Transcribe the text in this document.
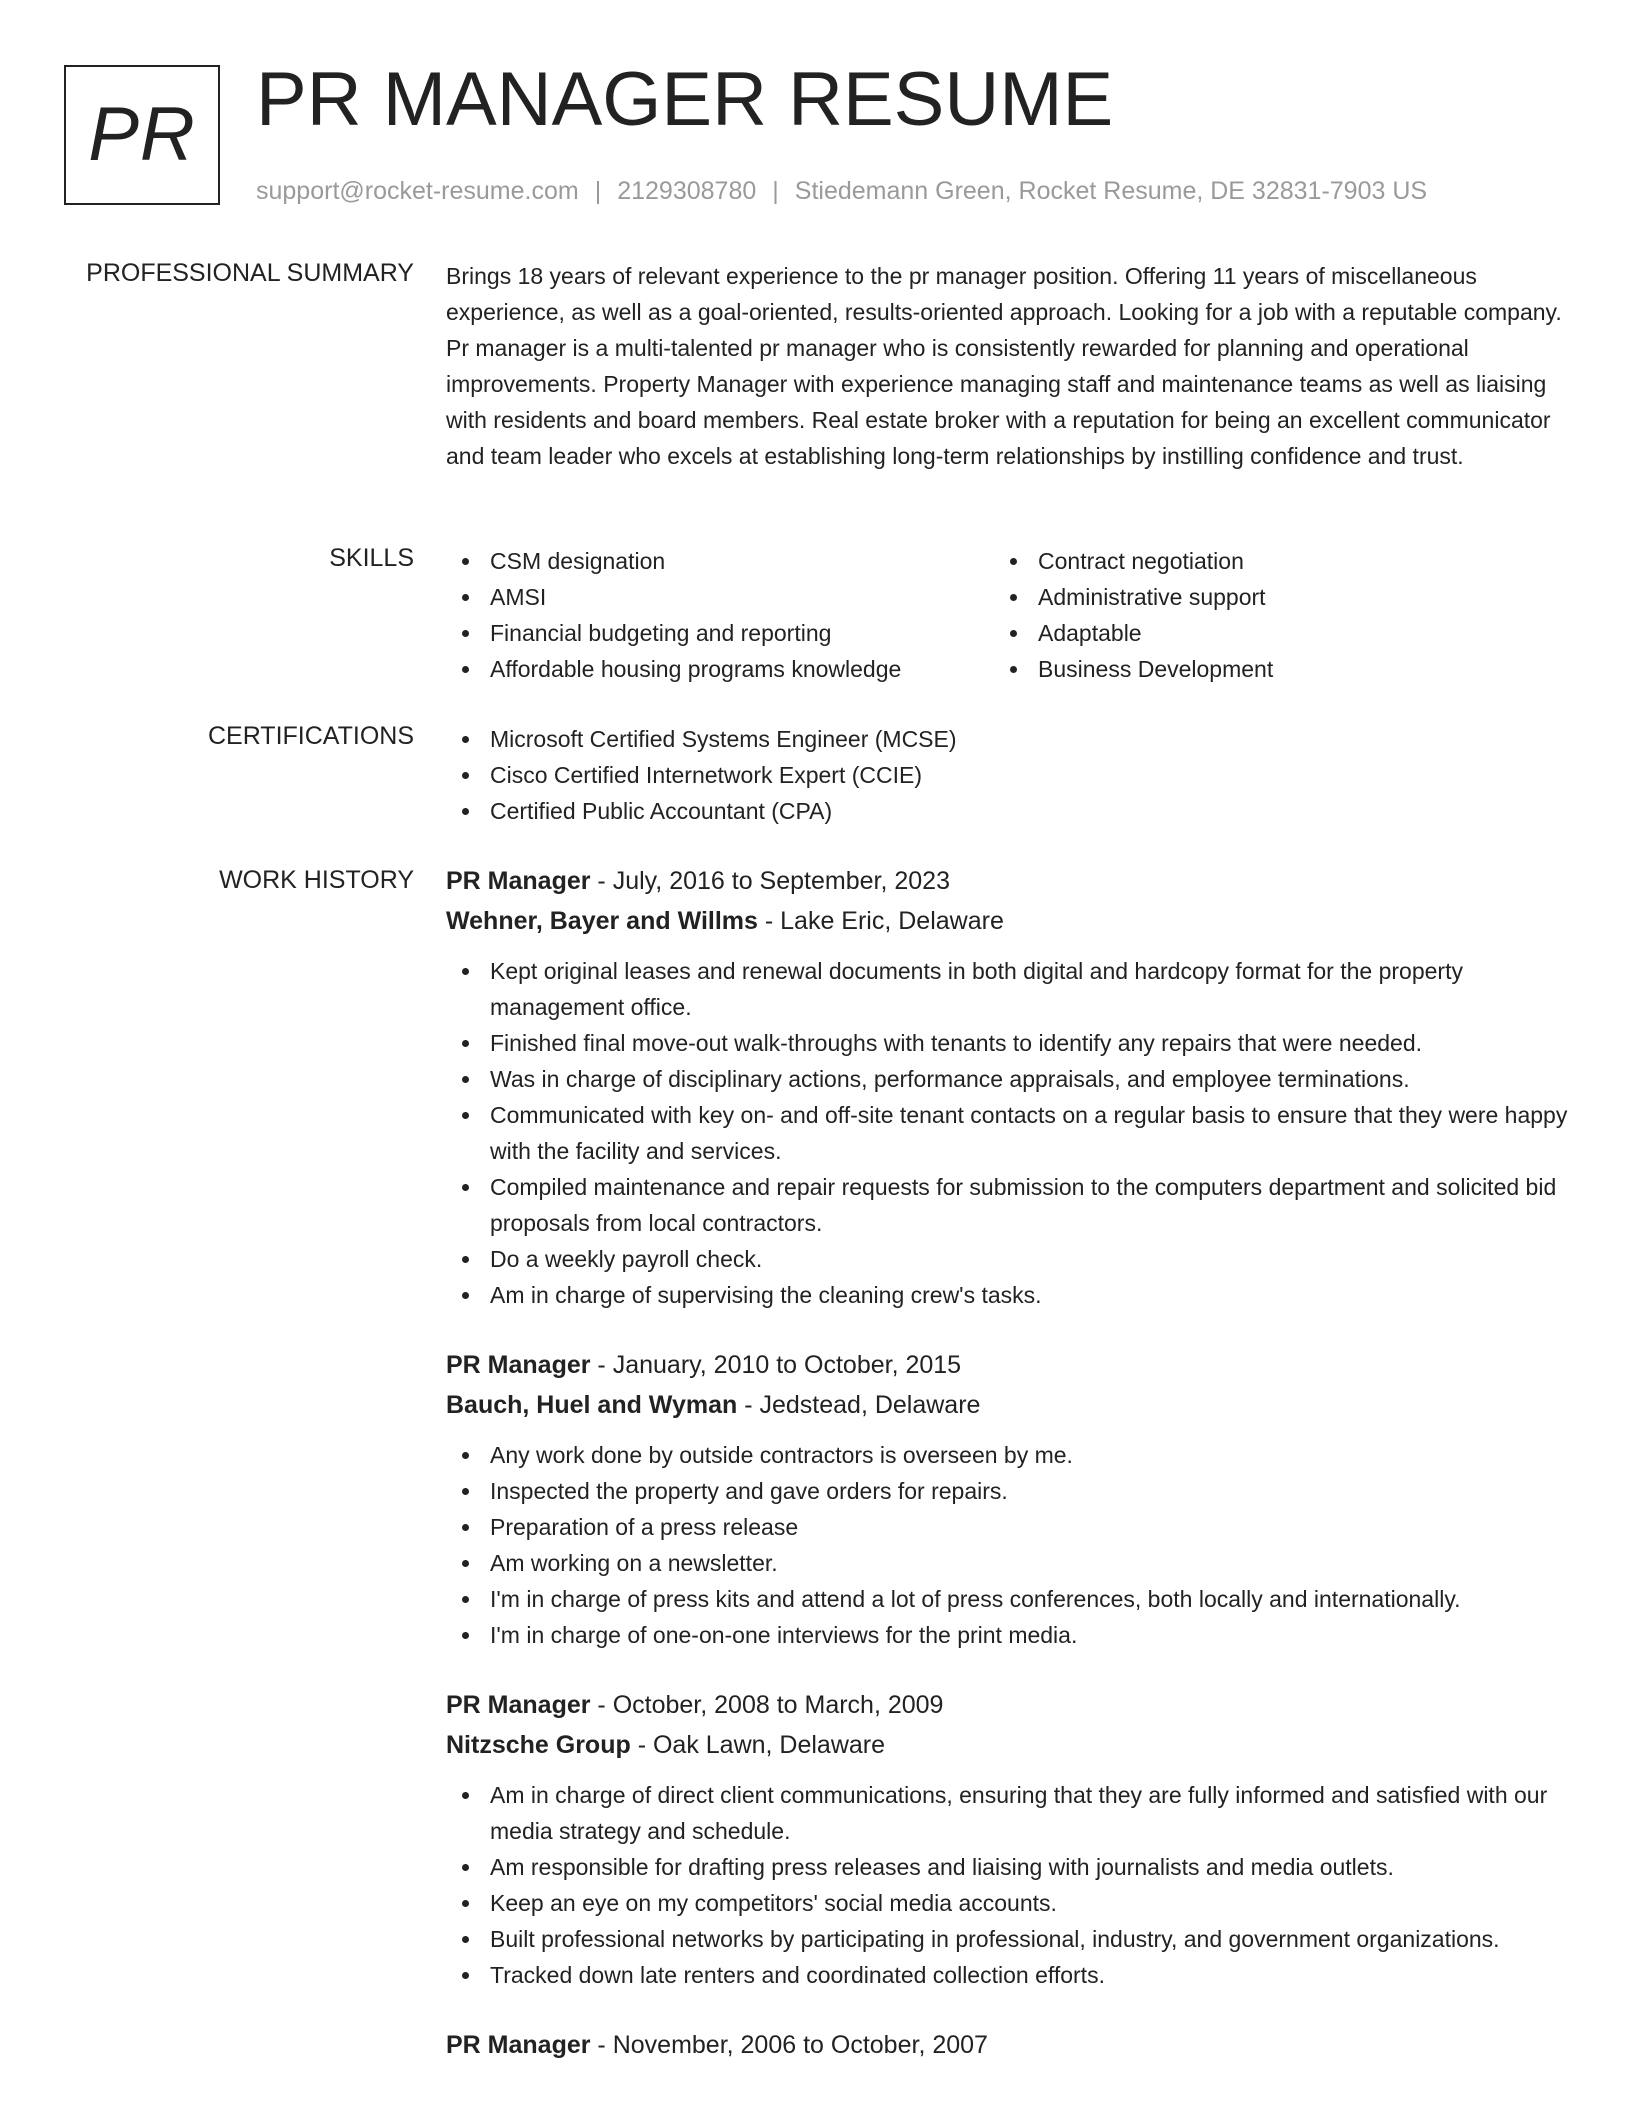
PR PR MANAGER RESUME
support@rocket-resume.com | 2129308780 | Stiedemann Green, Rocket Resume, DE 32831-7903 US
PROFESSIONAL SUMMARY Brings 18 years of relevant experience to the pr manager position. Offering 11 years of miscellaneous experience, as well as a goal-oriented, results-oriented approach. Looking for a job with a reputable company. Pr manager is a multi-talented pr manager who is consistently rewarded for planning and operational improvements. Property Manager with experience managing staff and maintenance teams as well as liaising with residents and board members. Real estate broker with a reputation for being an excellent communicator and team leader who excels at establishing long-term relationships by instilling confidence and trust.

SKILLS	CSM designation
AMSI
Financial budgeting and reporting
Affordable housing programs knowledge
Contract negotiation
Administrative support
Adaptable
Business Development
CERTIFICATIONS	Microsoft Certified Systems Engineer (MCSE)
Cisco Certified Internetwork Expert (CCIE)
Certified Public Accountant (CPA)
WORK HISTORY PR Manager - July, 2016 to September, 2023
Wehner, Bayer and Willms - Lake Eric, Delaware
Kept original leases and renewal documents in both digital and hardcopy format for the property management office.
Finished final move-out walk-throughs with tenants to identify any repairs that were needed.
Was in charge of disciplinary actions, performance appraisals, and employee terminations.
Communicated with key on- and off-site tenant contacts on a regular basis to ensure that they were happy with the facility and services.
Compiled maintenance and repair requests for submission to the computers department and solicited bid proposals from local contractors.
Do a weekly payroll check.
Am in charge of supervising the cleaning crew's tasks.
PR Manager - January, 2010 to October, 2015
Bauch, Huel and Wyman - Jedstead, Delaware
Any work done by outside contractors is overseen by me.
Inspected the property and gave orders for repairs.
Preparation of a press release
Am working on a newsletter.
I'm in charge of press kits and attend a lot of press conferences, both locally and internationally.
I'm in charge of one-on-one interviews for the print media.
PR Manager - October, 2008 to March, 2009
Nitzsche Group - Oak Lawn, Delaware
Am in charge of direct client communications, ensuring that they are fully informed and satisfied with our media strategy and schedule.
Am responsible for drafting press releases and liaising with journalists and media outlets.
Keep an eye on my competitors' social media accounts.
Built professional networks by participating in professional, industry, and government organizations.
Tracked down late renters and coordinated collection efforts.
PR Manager - November, 2006 to October, 2007
